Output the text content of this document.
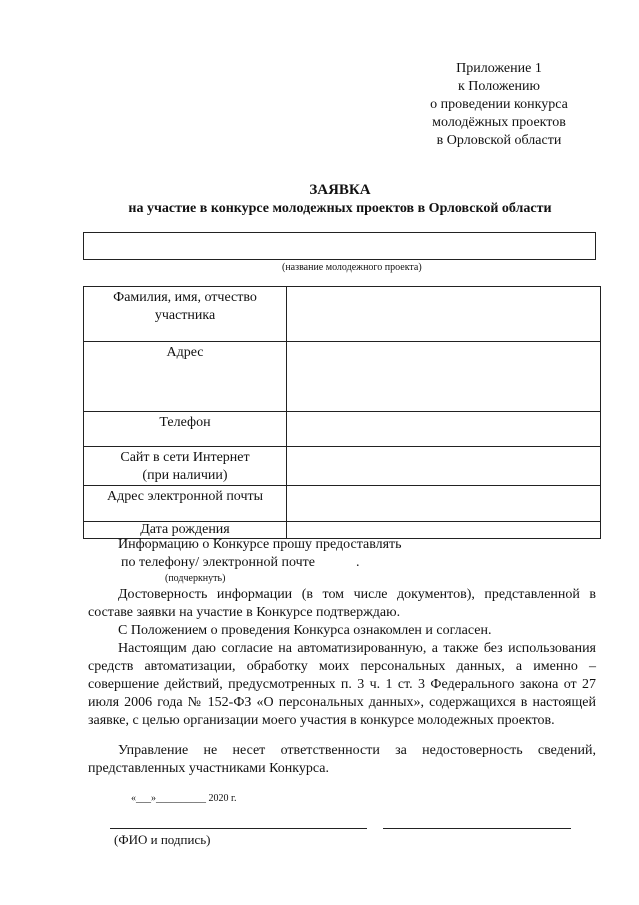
Приложение 1
к Положению
о проведении конкурса
молодёжных проектов
в Орловской области
ЗАЯВКА
на участие в конкурсе молодежных проектов в Орловской области
(название молодежного проекта)
Фамилия, имя, отчество участника	

Адрес	
Телефон	

Сайт в сети Интернет (при наличии)	

Адрес электронной почты	
Дата рождения	
Информацию о Конкурсе прошу предоставлять
по телефону/ электронной почте	.
(подчеркнуть)
Достоверность информации (в том числе документов), представленной в составе заявки на участие в Конкурсе подтверждаю.
С Положением о проведения Конкурса ознакомлен и согласен.
Настоящим даю согласие на автоматизированную, а также без использования средств автоматизации, обработку моих персональных данных, а именно – совершение действий, предусмотренных п. 3 ч. 1 ст. 3 Федерального закона от 27 июля 2006 года № 152-ФЗ «О персональных данных», содержащихся в настоящей заявке, с целью организации моего участия в конкурсе молодежных проектов.
Управление не несет ответственности за недостоверность сведений, представленных участниками Конкурса.
«___»__________ 2020 г.
(ФИО и подпись)
